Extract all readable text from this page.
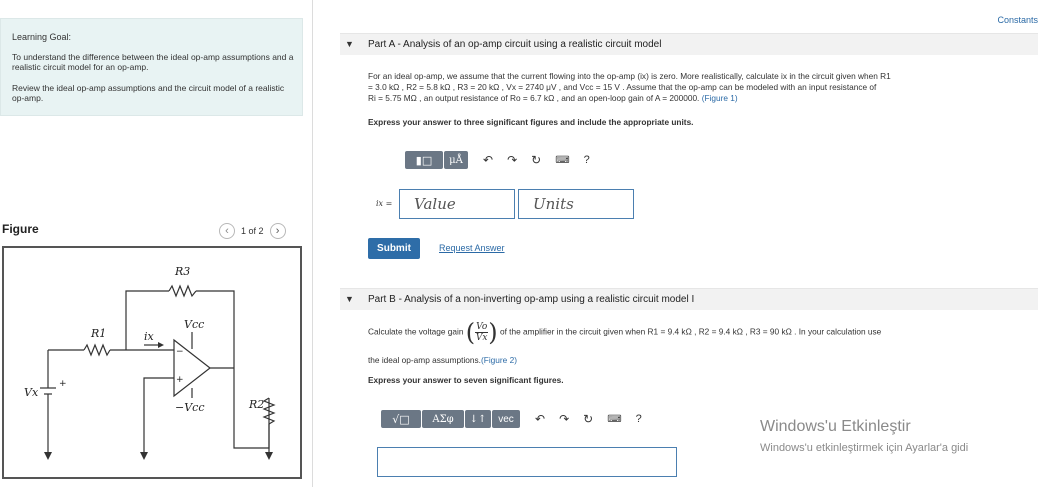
Learning Goal:
To understand the difference between the ideal op-amp assumptions and a realistic circuit model for an op-amp.
Review the ideal op-amp assumptions and the circuit model of a realistic op-amp.
Figure	‹	1 of 2	›
R3
R1
Vcc
−Vcc
ix
Vx
R2
+
−
+
Constants
▼ Part A - Analysis of an op-amp circuit using a realistic circuit model
For an ideal op-amp, we assume that the current flowing into the op-amp (ix) is zero. More realistically, calculate ix in the circuit given when R1
= 3.0 kΩ , R2 = 5.8 kΩ , R3 = 20 kΩ , Vx = 2740 μV , and Vcc = 15 V . Assume that the op-amp can be modeled with an input resistance of
Ri = 5.75 MΩ , an output resistance of Ro = 6.7 kΩ , and an open-loop gain of A = 200000. (Figure 1)
Express your answer to three significant figures and include the appropriate units.
▮□	μÅ	↶ ↷ ↻ ⌨ ?
ix =	Value	Units
Submit	Request Answer
▼ Part B - Analysis of a non-inverting op-amp using a realistic circuit model I
Calculate the voltage gain ( $\frac{Vo}{Vx}$ ) of the amplifier in the circuit given when R1 = 9.4 kΩ , R2 = 9.4 kΩ , R3 = 90 kΩ . In your calculation use
the ideal op-amp assumptions.(Figure 2)
Express your answer to seven significant figures.
√□	ΑΣφ	↓↑	vec	↶ ↷ ↻ ⌨ ?	Windows'u Etkinleştir
Windows'u etkinleştirmek için Ayarlar'a gidi
